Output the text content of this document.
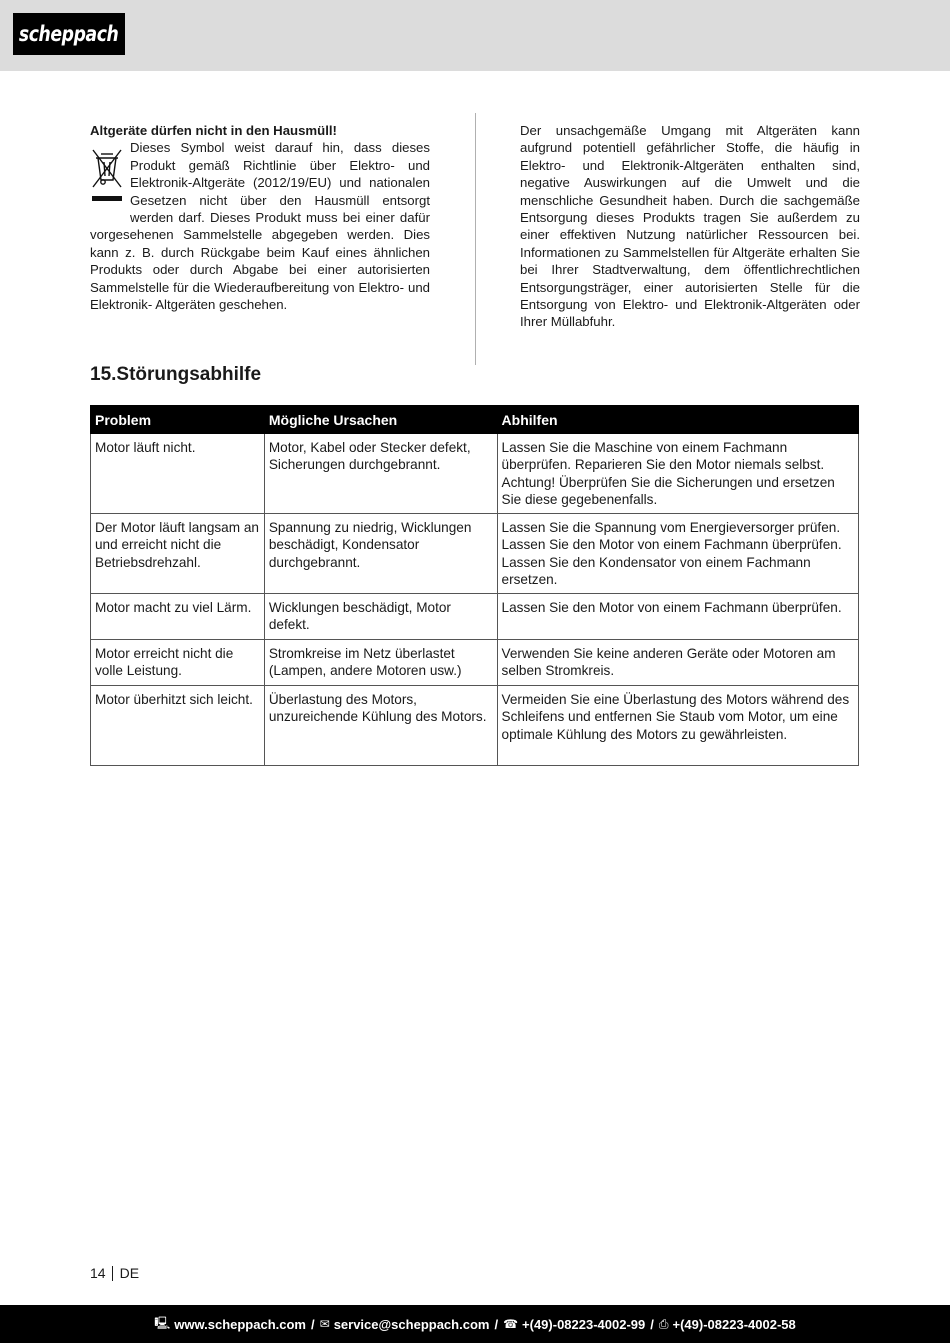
scheppach

Altgeräte dürfen nicht in den Hausmüll!

Dieses Symbol weist darauf hin, dass dieses Produkt gemäß Richtlinie über Elektro- und Elektronik-Altgeräte (2012/19/EU) und nationalen Gesetzen nicht über den Hausmüll entsorgt werden darf. Dieses Produkt muss bei einer dafür vorgesehenen Sammelstelle abgegeben werden. Dies kann z. B. durch Rückgabe beim Kauf eines ähnlichen Produkts oder durch Abgabe bei einer autorisierten Sammelstelle für die Wiederaufbereitung von Elektro- und Elektronik- Altgeräten geschehen.

Der unsachgemäße Umgang mit Altgeräten kann aufgrund potentiell gefährlicher Stoffe, die häufig in Elektro- und Elektronik-Altgeräten enthalten sind, negative Auswirkungen auf die Umwelt und die menschliche Gesundheit haben. Durch die sachgemäße Entsorgung dieses Produkts tragen Sie außerdem zu einer effektiven Nutzung natürlicher Ressourcen bei. Informationen zu Sammelstellen für Altgeräte erhalten Sie bei Ihrer Stadtverwaltung, dem öffentlichrechtlichen Entsorgungsträger, einer autorisierten Stelle für die Entsorgung von Elektro- und Elektronik-Altgeräten oder Ihrer Müllabfuhr.

15.Störungsabhilfe
Problem	Mögliche Ursachen	Abhilfen
Motor läuft nicht.	Motor, Kabel oder Stecker defekt, Sicherungen durchgebrannt.	Lassen Sie die Maschine von einem Fachmann überprüfen. Reparieren Sie den Motor niemals selbst. Achtung! Überprüfen Sie die Sicherungen und ersetzen Sie diese gegebenenfalls.
Der Motor läuft langsam an und erreicht nicht die Betriebsdrehzahl.	Spannung zu niedrig, Wicklungen beschädigt, Kondensator durchgebrannt.	Lassen Sie die Spannung vom Energieversorger prüfen. Lassen Sie den Motor von einem Fachmann überprüfen. Lassen Sie den Kondensator von einem Fachmann ersetzen.
Motor macht zu viel Lärm.	Wicklungen beschädigt, Motor defekt.	Lassen Sie den Motor von einem Fachmann überprüfen.
Motor erreicht nicht die volle Leistung.	Stromkreise im Netz überlastet (Lampen, andere Motoren usw.)	Verwenden Sie keine anderen Geräte oder Motoren am selben Stromkreis.
Motor überhitzt sich leicht.	Überlastung des Motors, unzureichende Kühlung des Motors.	Vermeiden Sie eine Überlastung des Motors während des Schleifens und entfernen Sie Staub vom Motor, um eine optimale Kühlung des Motors zu gewährleisten.
14 DE
🖳 www.scheppach.com / ✉ service@scheppach.com / ☎ +(49)-08223-4002-99 / ⎙ +(49)-08223-4002-58
